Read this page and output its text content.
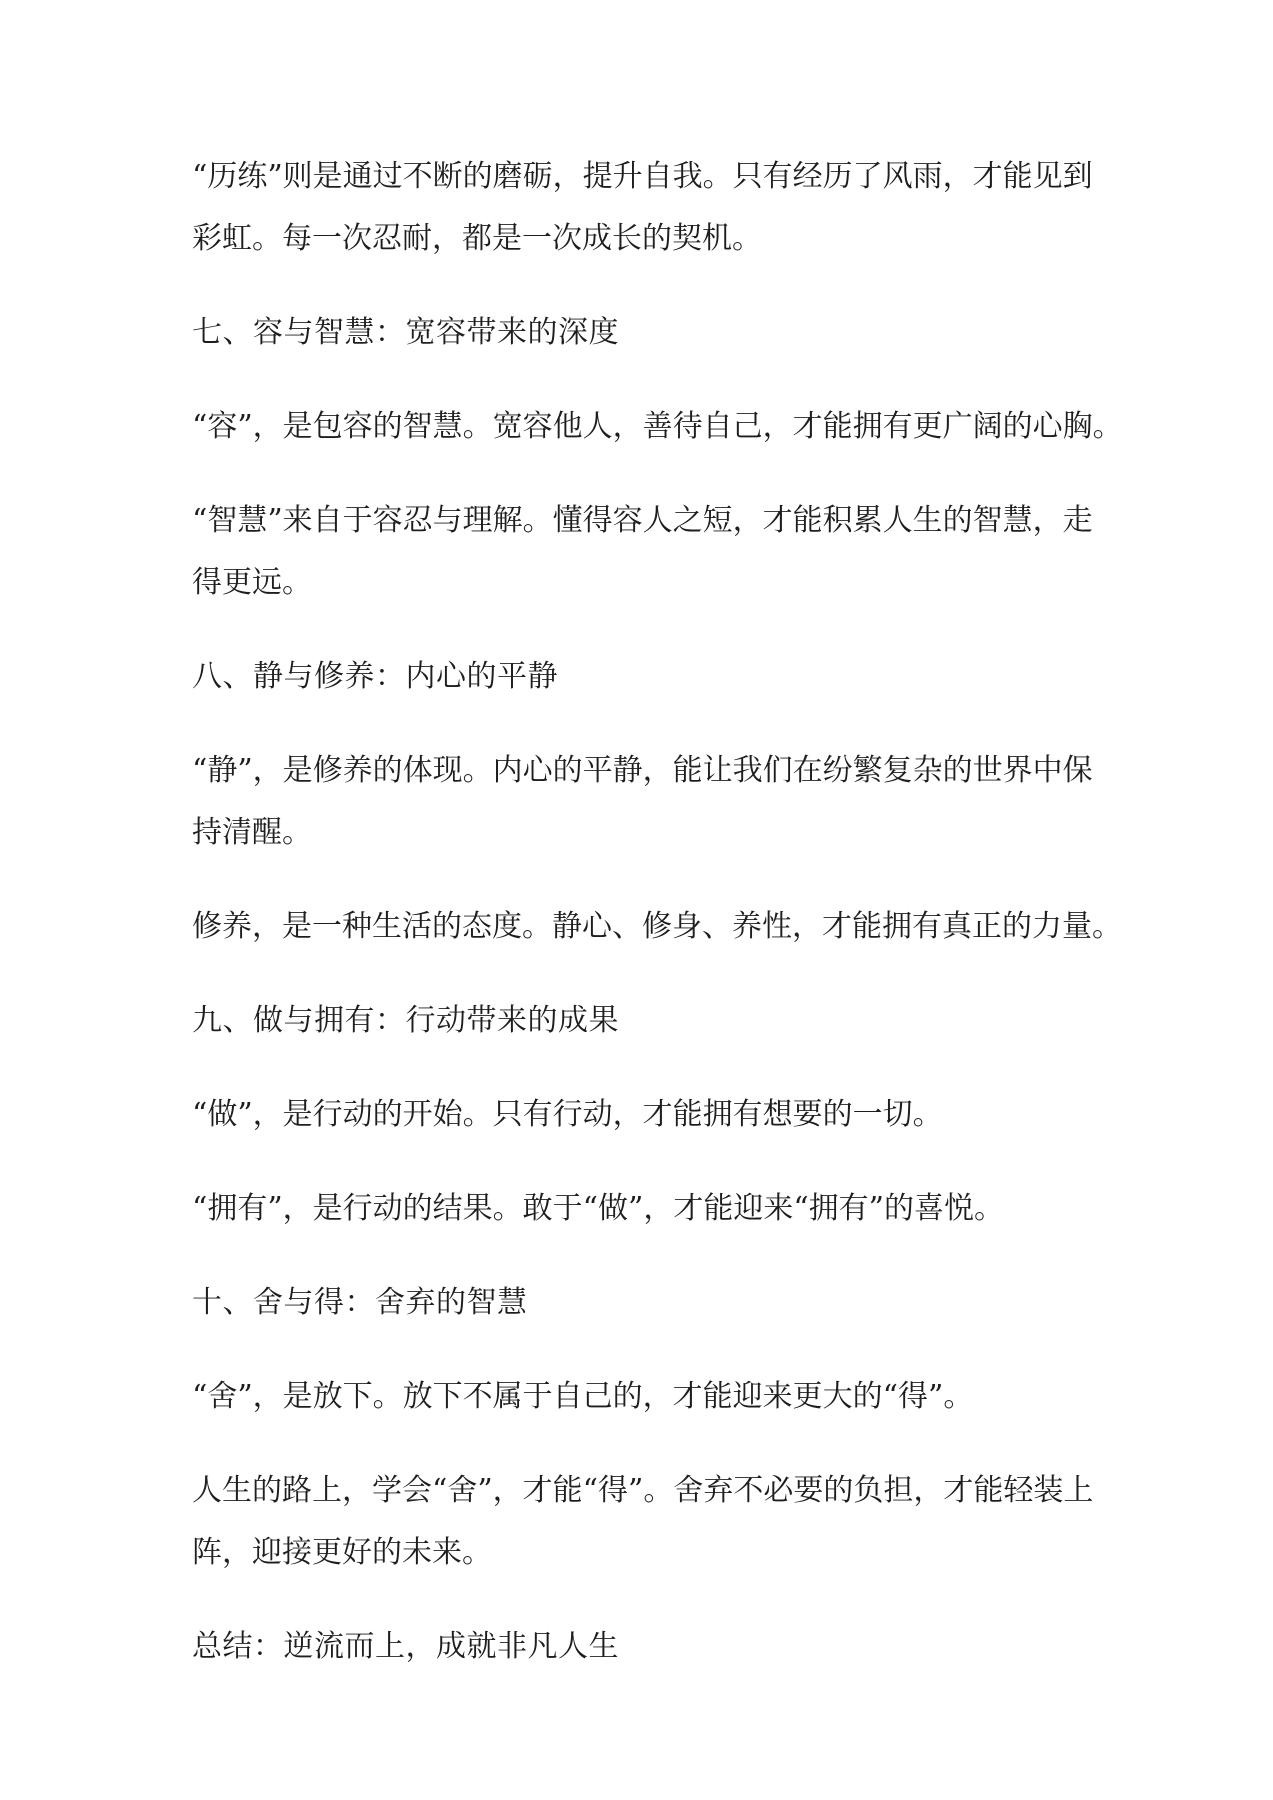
“历练”则是通过不断的磨砺，提升自我。只有经历了风雨，才能见到
彩虹。每一次忍耐，都是一次成长的契机。
七、容与智慧：宽容带来的深度
“容”，是包容的智慧。宽容他人，善待自己，才能拥有更广阔的心胸。
“智慧”来自于容忍与理解。懂得容人之短，才能积累人生的智慧，走
得更远。
八、静与修养：内心的平静
“静”，是修养的体现。内心的平静，能让我们在纷繁复杂的世界中保
持清醒。
修养，是一种生活的态度。静心、修身、养性，才能拥有真正的力量。
九、做与拥有：行动带来的成果
“做”，是行动的开始。只有行动，才能拥有想要的一切。
“拥有”，是行动的结果。敢于“做”，才能迎来“拥有”的喜悦。
十、舍与得：舍弃的智慧
“舍”，是放下。放下不属于自己的，才能迎来更大的“得”。
人生的路上，学会“舍”，才能“得”。舍弃不必要的负担，才能轻装上
阵，迎接更好的未来。
总结：逆流而上，成就非凡人生
